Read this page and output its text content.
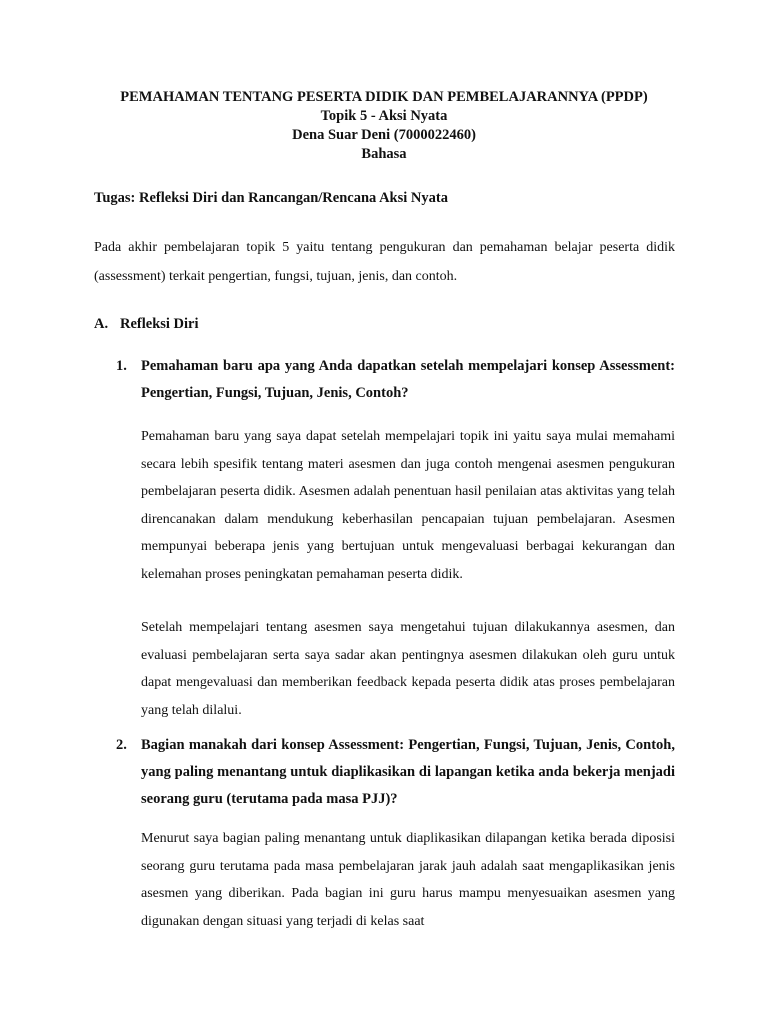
PEMAHAMAN TENTANG PESERTA DIDIK DAN PEMBELAJARANNYA (PPDP)
Topik 5 - Aksi Nyata
Dena Suar Deni (7000022460)
Bahasa
Tugas: Refleksi Diri dan Rancangan/Rencana Aksi Nyata
Pada akhir pembelajaran topik 5 yaitu tentang pengukuran dan pemahaman belajar peserta didik (assessment) terkait pengertian, fungsi, tujuan, jenis, dan contoh.
A. Refleksi Diri
1. Pemahaman baru apa yang Anda dapatkan setelah mempelajari konsep Assessment: Pengertian, Fungsi, Tujuan, Jenis, Contoh?
Pemahaman baru yang saya dapat setelah mempelajari topik ini yaitu saya mulai memahami secara lebih spesifik tentang materi asesmen dan juga contoh mengenai asesmen pengukuran pembelajaran peserta didik. Asesmen adalah penentuan hasil penilaian atas aktivitas yang telah direncanakan dalam mendukung keberhasilan pencapaian tujuan pembelajaran. Asesmen mempunyai beberapa jenis yang bertujuan untuk mengevaluasi berbagai kekurangan dan kelemahan proses peningkatan pemahaman peserta didik.
Setelah mempelajari tentang asesmen saya mengetahui tujuan dilakukannya asesmen, dan evaluasi pembelajaran serta saya sadar akan pentingnya asesmen dilakukan oleh guru untuk dapat mengevaluasi dan memberikan feedback kepada peserta didik atas proses pembelajaran yang telah dilalui.
2. Bagian manakah dari konsep Assessment: Pengertian, Fungsi, Tujuan, Jenis, Contoh, yang paling menantang untuk diaplikasikan di lapangan ketika anda bekerja menjadi seorang guru (terutama pada masa PJJ)?
Menurut saya bagian paling menantang untuk diaplikasikan dilapangan ketika berada diposisi seorang guru terutama pada masa pembelajaran jarak jauh adalah saat mengaplikasikan jenis asesmen yang diberikan. Pada bagian ini guru harus mampu menyesuaikan asesmen yang digunakan dengan situasi yang terjadi di kelas saat
